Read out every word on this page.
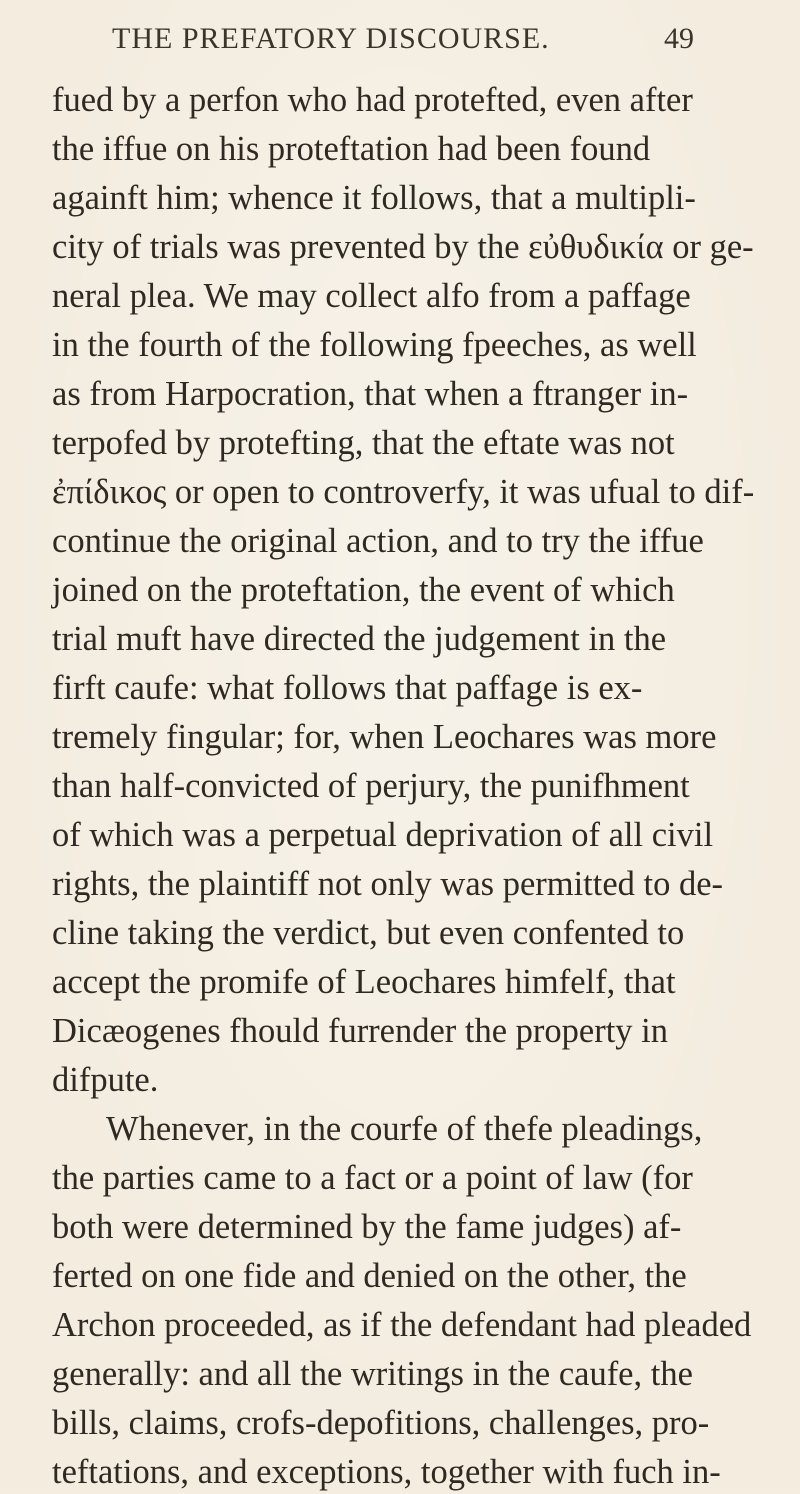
THE PREFATORY DISCOURSE.	49
fued by a perfon who had protefted, even after
the iffue on his proteftation had been found
againft him; whence it follows, that a multipli-
city of trials was prevented by the εὐθυδικία or ge-
neral plea. We may collect alfo from a paffage
in the fourth of the following fpeeches, as well
as from Harpocration, that when a ftranger in-
terpofed by protefting, that the eftate was not
ἐπίδικος or open to controverfy, it was ufual to dif-
continue the original action, and to try the iffue
joined on the proteftation, the event of which
trial muft have directed the judgement in the
firft caufe: what follows that paffage is ex-
tremely fingular; for, when Leochares was more
than half-convicted of perjury, the punifhment
of which was a perpetual deprivation of all civil
rights, the plaintiff not only was permitted to de-
cline taking the verdict, but even confented to
accept the promife of Leochares himfelf, that
Dicæogenes fhould furrender the property in
difpute.
Whenever, in the courfe of thefe pleadings,
the parties came to a fact or a point of law (for
both were determined by the fame judges) af-
ferted on one fide and denied on the other, the
Archon proceeded, as if the defendant had pleaded
generally: and all the writings in the caufe, the
bills, claims, crofs-depofitions, challenges, pro-
teftations, and exceptions, together with fuch in-
